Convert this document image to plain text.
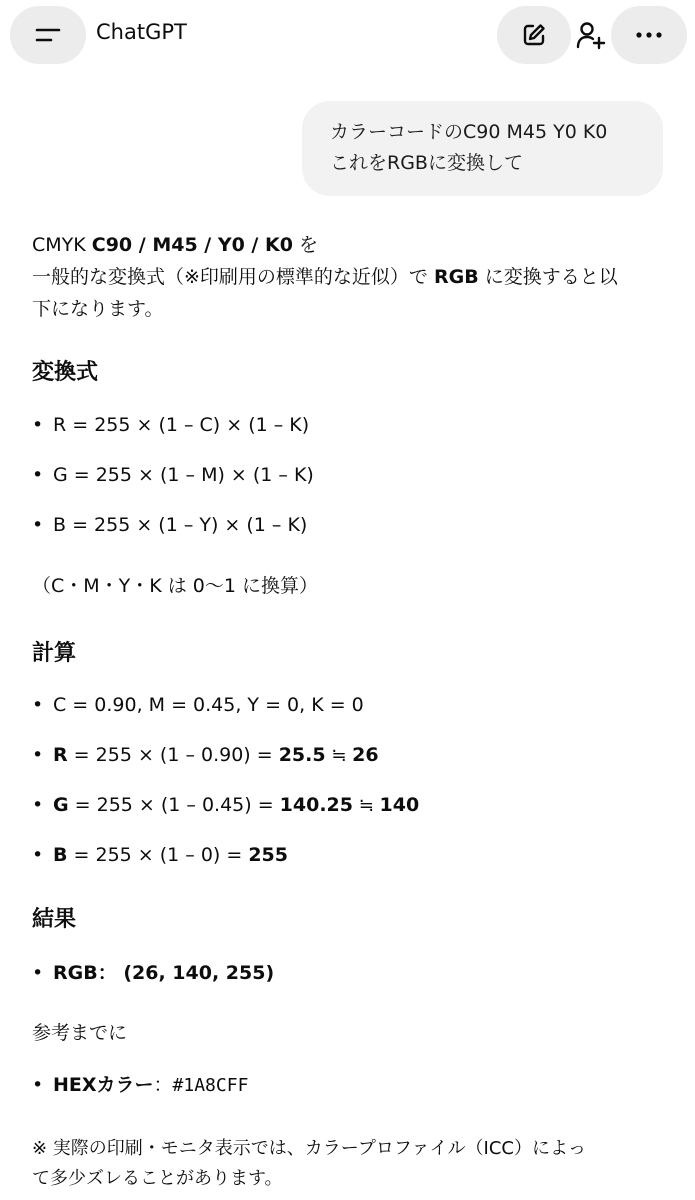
ChatGPT
カラーコードのC90 M45 Y0 K0
これをRGBに変換して
CMYK C90 / M45 / Y0 / K0 を
一般的な変換式（※印刷用の標準的な近似）で RGB に変換すると以
下になります。
変換式
• R = 255 × (1 – C) × (1 – K)
• G = 255 × (1 – M) × (1 – K)
• B = 255 × (1 – Y) × (1 – K)
（C・M・Y・K は 0〜1 に換算）
計算
• C = 0.90, M = 0.45, Y = 0, K = 0
• R = 255 × (1 – 0.90) = 25.5 ≒ 26
• G = 255 × (1 – 0.45) = 140.25 ≒ 140
• B = 255 × (1 – 0) = 255
結果
• RGB： (26, 140, 255)
参考までに
• HEXカラー：#1A8CFF
※ 実際の印刷・モニタ表示では、カラープロファイル（ICC）によっ
て多少ズレることがあります。
